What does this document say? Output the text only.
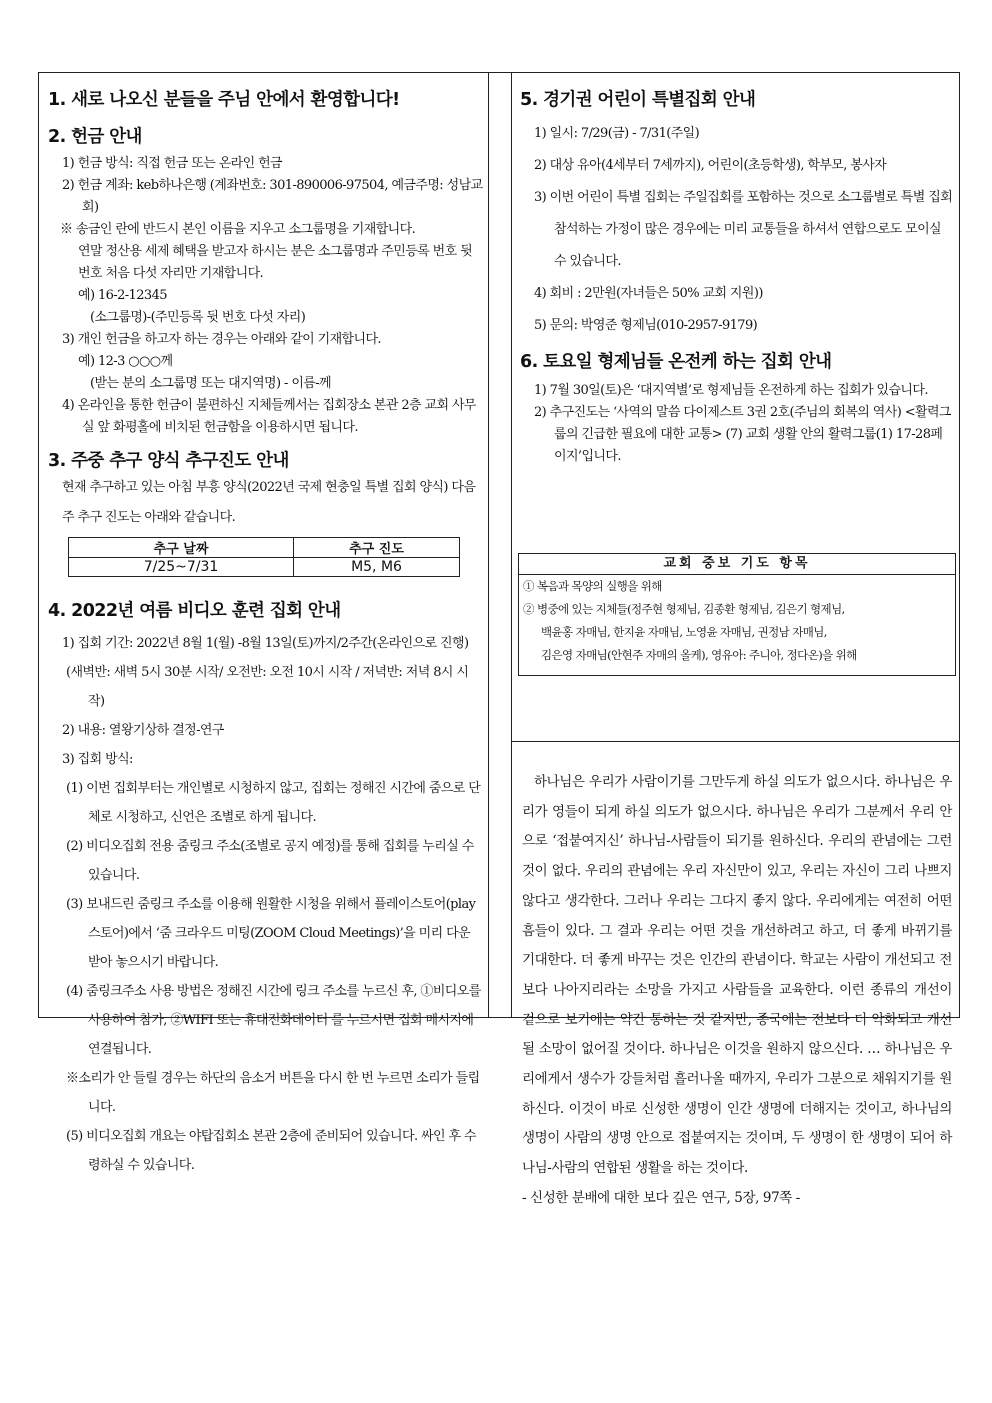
1. 새로 나오신 분들을 주님 안에서 환영합니다!
2. 헌금 안내

1) 헌금 방식: 직접 헌금 또는 온라인 헌금

2) 헌금 계좌: keb하나은행 (계좌번호: 301-890006-97504, 예금주명: 성남교회)

※ 송금인 란에 반드시 본인 이름을 지우고 소그룹명을 기재합니다.

연말 정산용 세제 혜택을 받고자 하시는 분은 소그룹명과 주민등록 번호 뒷번호 처음 다섯 자리만 기재합니다.

예) 16-2-12345

(소그룹명)-(주민등록 뒷 번호 다섯 자리)

3) 개인 헌금을 하고자 하는 경우는 아래와 같이 기재합니다.

예) 12-3 ○○○께

(받는 분의 소그룹명 또는 대지역명) - 이름-께

4) 온라인을 통한 헌금이 불편하신 지체들께서는 집회장소 본관 2층 교회 사무실 앞 화평홀에 비치된 헌금함을 이용하시면 됩니다.

3. 주중 추구 양식 추구진도 안내

현재 추구하고 있는 아침 부흥 양식(2022년 국제 현충일 특별 집회 양식) 다음주 추구 진도는 아래와 같습니다.

추구 날짜	추구 진도
7/25~7/31	M5, M6
4. 2022년 여름 비디오 훈련 집회 안내

1) 집회 기간: 2022년 8월 1(월) -8월 13일(토)까지/2주간(온라인으로 진행)

(새벽반: 새벽 5시 30분 시작/ 오전반: 오전 10시 시작 / 저녁반: 저녁 8시 시작)

2) 내용: 열왕기상하 결정-연구

3) 집회 방식:

(1) 이번 집회부터는 개인별로 시청하지 않고, 집회는 정해진 시간에 줌으로 단체로 시청하고, 신언은 조별로 하게 됩니다.

(2) 비디오집회 전용 줌링크 주소(조별로 공지 예정)를 통해 집회를 누리실 수 있습니다.

(3) 보내드린 줌링크 주소를 이용해 원활한 시청을 위해서 플레이스토어(play스토어)에서 ‘줌 크라우드 미팅(ZOOM Cloud Meetings)’을 미리 다운 받아 놓으시기 바랍니다.

(4) 줌링크주소 사용 방법은 정해진 시간에 링크 주소를 누르신 후, ①비디오를 사용하여 참가, ②WIFI 또는 휴대전화데이터 를 누르시면 집회 메시지에 연결됩니다.

※소리가 안 들릴 경우는 하단의 음소거 버튼을 다시 한 번 누르면 소리가 들립니다.

(5) 비디오집회 개요는 야탑집회소 본관 2층에 준비되어 있습니다. 싸인 후 수령하실 수 있습니다.

5. 경기권 어린이 특별집회 안내

1) 일시: 7/29(금) - 7/31(주일)

2) 대상 유아(4세부터 7세까지), 어린이(초등학생), 학부모, 봉사자

3) 이번 어린이 특별 집회는 주일집회를 포함하는 것으로 소그룹별로 특별 집회 참석하는 가정이 많은 경우에는 미리 교통들을 하셔서 연합으로도 모이실 수 있습니다.

4) 회비 : 2만원(자녀들은 50% 교회 지원))

5) 문의: 박영준 형제님(010-2957-9179)

6. 토요일 형제님들 온전케 하는 집회 안내

1) 7월 30일(토)은 ‘대지역별’로 형제님들 온전하게 하는 집회가 있습니다.

2) 추구진도는 ‘사역의 말씀 다이제스트 3권 2호(주님의 회복의 역사) <활력그룹의 긴급한 필요에 대한 교통> (7) 교회 생활 안의 활력그룹(1) 17-28페이지’입니다.

교회 중보 기도 항목

① 복음과 목양의 실행을 위해

② 병중에 있는 지체들(정주현 형제님, 김종환 형제님, 김은기 형제님,

백윤홍 자매님, 한지윤 자매님, 노영윤 자매님, 권정남 자매님,

김은영 자매님(안현주 자매의 올케), 영유아: 주니아, 정다온)을 위해

하나님은 우리가 사람이기를 그만두게 하실 의도가 없으시다. 하나님은 우리가 영들이 되게 하실 의도가 없으시다. 하나님은 우리가 그분께서 우리 안으로 ‘접붙여지신’ 하나님-사람들이 되기를 원하신다. 우리의 관념에는 그런 것이 없다. 우리의 관념에는 우리 자신만이 있고, 우리는 자신이 그리 나쁘지 않다고 생각한다. 그러나 우리는 그다지 좋지 않다. 우리에게는 여전히 어떤 흠들이 있다. 그 결과 우리는 어떤 것을 개선하려고 하고, 더 좋게 바뀌기를 기대한다. 더 좋게 바꾸는 것은 인간의 관념이다. 학교는 사람이 개선되고 전보다 나아지리라는 소망을 가지고 사람들을 교육한다. 이런 종류의 개선이 겉으로 보기에는 약간 통하는 것 같지만, 종국에는 전보다 더 악화되고 개선될 소망이 없어질 것이다. 하나님은 이것을 원하지 않으신다. … 하나님은 우리에게서 생수가 강들처럼 흘러나올 때까지, 우리가 그분으로 채워지기를 원하신다. 이것이 바로 신성한 생명이 인간 생명에 더해지는 것이고, 하나님의 생명이 사람의 생명 안으로 접붙여지는 것이며, 두 생명이 한 생명이 되어 하나님-사람의 연합된 생활을 하는 것이다.

- 신성한 분배에 대한 보다 깊은 연구, 5장, 97쪽 -
